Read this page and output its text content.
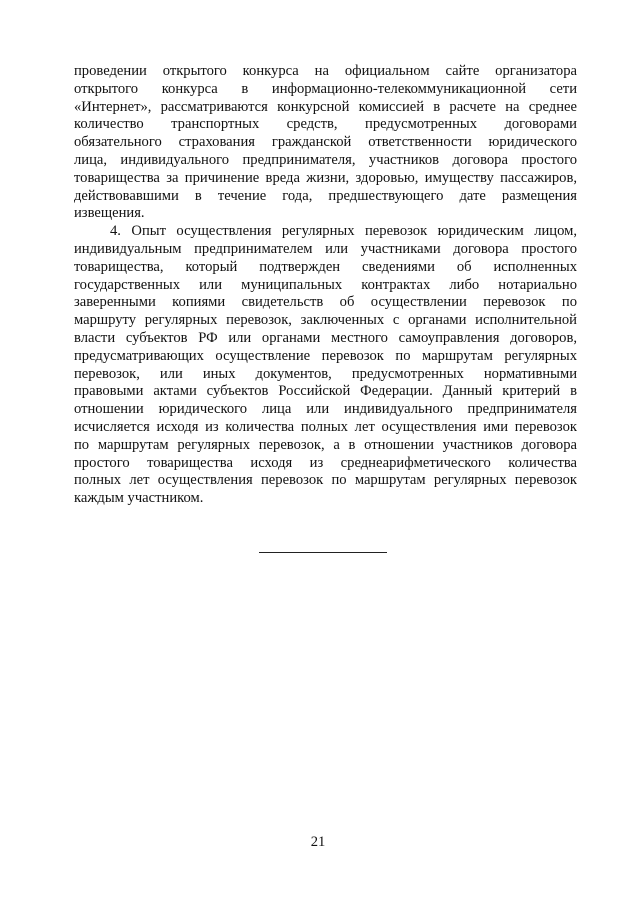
проведении открытого конкурса на официальном сайте организатора
открытого конкурса в информационно-телекоммуникационной сети
«Интернет», рассматриваются конкурсной комиссией в расчете на среднее
количество транспортных средств, предусмотренных договорами
обязательного страхования гражданской ответственности юридического
лица, индивидуального предпринимателя, участников договора простого
товарищества за причинение вреда жизни, здоровью, имуществу пассажиров,
действовавшими в течение года, предшествующего дате размещения
извещения.
4. Опыт осуществления регулярных перевозок юридическим лицом,
индивидуальным предпринимателем или участниками договора простого
товарищества, который подтвержден сведениями об исполненных
государственных или муниципальных контрактах либо нотариально
заверенными копиями свидетельств об осуществлении перевозок по
маршруту регулярных перевозок, заключенных с органами исполнительной
власти субъектов РФ или органами местного самоуправления договоров,
предусматривающих осуществление перевозок по маршрутам регулярных
перевозок, или иных документов, предусмотренных нормативными
правовыми актами субъектов Российской Федерации. Данный критерий в
отношении юридического лица или индивидуального предпринимателя
исчисляется исходя из количества полных лет осуществления ими перевозок
по маршрутам регулярных перевозок, а в отношении участников договора
простого товарищества исходя из среднеарифметического количества
полных лет осуществления перевозок по маршрутам регулярных перевозок
каждым участником.
21
